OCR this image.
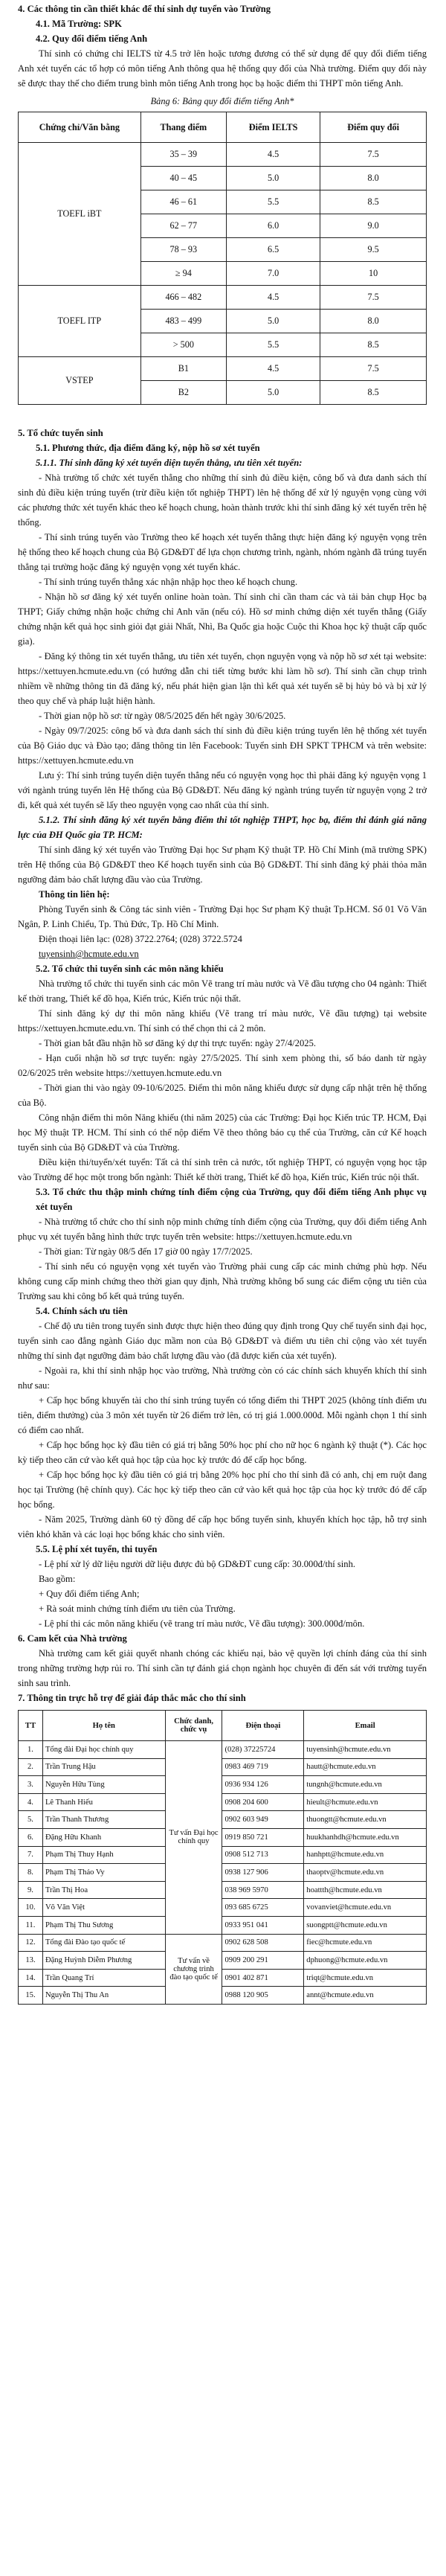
4. Các thông tin cần thiết khác để thí sinh dự tuyển vào Trường

4.1. Mã Trường: SPK

4.2. Quy đổi điểm tiếng Anh

Thí sinh có chứng chỉ IELTS từ 4.5 trở lên hoặc tương đương có thể sử dụng để quy đổi điểm tiếng Anh xét tuyển các tổ hợp có môn tiếng Anh thông qua hệ thống quy đổi của Nhà trường. Điểm quy đổi này sẽ được thay thế cho điểm trung bình môn tiếng Anh trong học bạ hoặc điểm thi THPT môn tiếng Anh.

Bảng 6: Bảng quy đổi điểm tiếng Anh*

Chứng chỉ/Văn bằng	Thang điểm	Điểm IELTS	Điểm quy đổi
TOEFL iBT	35 – 39	4.5	7.5
	40 – 45	5.0	8.0
	46 – 61	5.5	8.5
	62 – 77	6.0	9.0
	78 – 93	6.5	9.5
	≥ 94	7.0	10
TOEFL ITP	466 – 482	4.5	7.5
	483 – 499	5.0	8.0
	> 500	5.5	8.5
VSTEP	B1	4.5	7.5
	B2	5.0	8.5

5. Tổ chức tuyển sinh

5.1. Phương thức, địa điểm đăng ký, nộp hồ sơ xét tuyển

5.1.1. Thí sinh đăng ký xét tuyển diện tuyển thẳng, ưu tiên xét tuyển:

- Nhà trường tổ chức xét tuyển thẳng cho những thí sinh đủ điều kiện, công bố và đưa danh sách thí sinh đủ điều kiện trúng tuyển (trừ điều kiện tốt nghiệp THPT) lên hệ thống để xử lý nguyện vọng cùng với các phương thức xét tuyển khác theo kế hoạch chung, hoàn thành trước khi thí sinh đăng ký xét tuyển trên hệ thống.

- Thí sinh trúng tuyển vào Trường theo kế hoạch xét tuyển thẳng thực hiện đăng ký nguyện vọng trên hệ thống theo kế hoạch chung của Bộ GD&ĐT để lựa chọn chương trình, ngành, nhóm ngành đã trúng tuyển thẳng tại trường hoặc đăng ký nguyện vọng xét tuyển khác.

- Thí sinh trúng tuyển thẳng xác nhận nhập học theo kế hoạch chung.

- Nhận hồ sơ đăng ký xét tuyển online hoàn toàn. Thí sinh chỉ cần tham các và tải bản chụp Học bạ THPT; Giấy chứng nhận hoặc chứng chỉ Anh văn (nếu có). Hồ sơ minh chứng diện xét tuyển thẳng (Giấy chứng nhận kết quả học sinh giỏi đạt giải Nhất, Nhì, Ba Quốc gia hoặc Cuộc thi Khoa học kỹ thuật cấp quốc gia).

- Đăng ký thông tin xét tuyển thẳng, ưu tiên xét tuyển, chọn nguyện vọng và nộp hồ sơ xét tại website: https://xettuyen.hcmute.edu.vn (có hướng dẫn chi tiết từng bước khi làm hồ sơ). Thí sinh cần chụp trình nhiềm về những thông tin đã đăng ký, nếu phát hiện gian lận thì kết quả xét tuyển sẽ bị hủy bỏ và bị xử lý theo quy chế và pháp luật hiện hành.

- Thời gian nộp hồ sơ: từ ngày 08/5/2025 đến hết ngày 30/6/2025.

- Ngày 09/7/2025: công bố và đưa danh sách thí sinh đủ điều kiện trúng tuyển lên hệ thống xét tuyển của Bộ Giáo dục và Đào tạo; đăng thông tin lên Facebook: Tuyển sinh ĐH SPKT TPHCM và trên website: https://xettuyen.hcmute.edu.vn

Lưu ý: Thí sinh trúng tuyển diện tuyển thẳng nếu có nguyện vọng học thì phải đăng ký nguyện vọng 1 với ngành trúng tuyển lên Hệ thống của Bộ GD&ĐT. Nếu đăng ký ngành trúng tuyển từ nguyện vọng 2 trở đi, kết quả xét tuyển sẽ lấy theo nguyện vọng cao nhất của thí sinh.

5.1.2. Thí sinh đăng ký xét tuyển bằng điểm thi tốt nghiệp THPT, học bạ, điểm thi đánh giá năng lực của ĐH Quốc gia TP. HCM:

Thí sinh đăng ký xét tuyển vào Trường Đại học Sư phạm Kỹ thuật TP. Hồ Chí Minh (mã trường SPK) trên Hệ thống của Bộ GD&ĐT theo Kế hoạch tuyển sinh của Bộ GD&ĐT. Thí sinh đăng ký phải thỏa mãn ngưỡng đảm bảo chất lượng đầu vào của Trường.

Thông tin liên hệ:

Phòng Tuyển sinh & Công tác sinh viên - Trường Đại học Sư phạm Kỹ thuật Tp.HCM. Số 01 Võ Văn Ngân, P. Linh Chiểu, Tp. Thủ Đức, Tp. Hồ Chí Minh.

Điện thoại liên lạc: (028) 3722.2764; (028) 3722.5724

tuyensinh@hcmute.edu.vn

5.2. Tổ chức thi tuyển sinh các môn năng khiếu

Nhà trường tổ chức thi tuyển sinh các môn Vẽ trang trí màu nước và Vẽ đầu tượng cho 04 ngành: Thiết kế thời trang, Thiết kế đồ họa, Kiến trúc, Kiến trúc nội thất.

Thí sinh đăng ký dự thi môn năng khiếu (Vẽ trang trí màu nước, Vẽ đầu tượng) tại website https://xettuyen.hcmute.edu.vn. Thí sinh có thể chọn thi cả 2 môn.

- Thời gian bắt đầu nhận hồ sơ đăng ký dự thi trực tuyến: ngày 27/4/2025.

- Hạn cuối nhận hồ sơ trực tuyến: ngày 27/5/2025. Thí sinh xem phòng thi, số báo danh từ ngày 02/6/2025 trên website https://xettuyen.hcmute.edu.vn

- Thời gian thi vào ngày 09-10/6/2025. Điểm thi môn năng khiếu được sử dụng cấp nhật trên hệ thống của Bộ.

Công nhận điểm thi môn Năng khiếu (thi năm 2025) của các Trường: Đại học Kiến trúc TP. HCM, Đại học Mỹ thuật TP. HCM. Thí sinh có thể nộp điểm Vẽ theo thông báo cụ thể của Trường, căn cứ Kế hoạch tuyển sinh của Bộ GD&ĐT và của Trường.

Điều kiện thi/tuyển/xét tuyển: Tất cả thí sinh trên cả nước, tốt nghiệp THPT, có nguyện vọng học tập vào Trường để học một trong bốn ngành: Thiết kế thời trang, Thiết kế đồ họa, Kiến trúc, Kiến trúc nội thất.

5.3. Tổ chức thu thập minh chứng tính điểm cộng của Trường, quy đổi điểm tiếng Anh phục vụ xét tuyển

- Nhà trường tổ chức cho thí sinh nộp minh chứng tính điểm cộng của Trường, quy đổi điểm tiếng Anh phục vụ xét tuyển bằng hình thức trực tuyến trên website: https://xettuyen.hcmute.edu.vn

- Thời gian: Từ ngày 08/5 đến 17 giờ 00 ngày 17/7/2025.

- Thí sinh nếu có nguyện vọng xét tuyển vào Trường phải cung cấp các minh chứng phù hợp. Nếu không cung cấp minh chứng theo thời gian quy định, Nhà trường không bổ sung các điểm cộng ưu tiên của Trường sau khi công bố kết quả trúng tuyển.

5.4. Chính sách ưu tiên

- Chế độ ưu tiên trong tuyển sinh được thực hiện theo đúng quy định trong Quy chế tuyển sinh đại học, tuyển sinh cao đẳng ngành Giáo dục mầm non của Bộ GD&ĐT và điểm ưu tiên chỉ cộng vào xét tuyển những thí sinh đạt ngưỡng đảm bảo chất lượng đầu vào (đã được kiến của xét tuyển).

- Ngoài ra, khi thí sinh nhập học vào trường, Nhà trường còn có các chính sách khuyến khích thí sinh như sau:

+ Cấp học bổng khuyến tài cho thí sinh trúng tuyển có tổng điểm thi THPT 2025 (không tính điểm ưu tiên, điểm thưởng) của 3 môn xét tuyển từ 26 điểm trở lên, có trị giá 1.000.000đ. Mỗi ngành chọn 1 thí sinh có điểm cao nhất.

+ Cấp học bổng học kỳ đầu tiên có giá trị bằng 50% học phí cho nữ học 6 ngành kỹ thuật (*). Các học kỳ tiếp theo căn cứ vào kết quả học tập của học kỳ trước đó để cấp học bổng.

+ Cấp học bổng học kỳ đầu tiên có giá trị bằng 20% học phí cho thí sinh đã có anh, chị em ruột đang học tại Trường (hệ chính quy). Các học kỳ tiếp theo căn cứ vào kết quả học tập của học kỳ trước đó để cấp học bổng.

- Năm 2025, Trường dành 60 tỷ đồng để cấp học bổng tuyển sinh, khuyến khích học tập, hỗ trợ sinh viên khó khăn và các loại học bổng khác cho sinh viên.

5.5. Lệ phí xét tuyển, thi tuyển

- Lệ phí xử lý dữ liệu người dữ liệu được đủ bộ GD&ĐT cung cấp: 30.000đ/thí sinh.

Bao gồm:

+ Quy đổi điểm tiếng Anh;

+ Rà soát minh chứng tính điểm ưu tiên của Trường.

- Lệ phí thi các môn năng khiếu (vẽ trang trí màu nước, Vẽ đầu tượng): 300.000đ/môn.

6. Cam kết của Nhà trường

Nhà trường cam kết giải quyết nhanh chóng các khiếu nại, bảo vệ quyền lợi chính đáng của thí sinh trong những trường hợp rủi ro. Thí sinh cần tự đánh giá chọn ngành học chuyên đi đến sát với trường tuyển sinh sau trình.

7. Thông tin trực hỗ trợ để giải đáp thắc mắc cho thí sinh

TT	Họ tên	Chức danh, chức vụ	Điện thoại	Email
1.	Tổng đài Đại học chính quy	Tư vấn Đại học chính quy	(028) 37225724	tuyensinh@hcmute.edu.vn
2.	Trần Trung Hậu		0983 469 719	hautt@hcmute.edu.vn
3.	Nguyễn Hữu Tùng		0936 934 126	tungnh@hcmute.edu.vn
4.	Lê Thanh Hiếu		0908 204 600	hieult@hcmute.edu.vn
5.	Trần Thanh Thương		0902 603 949	thuongtt@hcmute.edu.vn
6.	Đặng Hữu Khanh		0919 850 721	huukhanhdh@hcmute.edu.vn
7.	Phạm Thị Thuy Hạnh		0908 512 713	hanhptt@hcmute.edu.vn
8.	Phạm Thị Thảo Vy		0938 127 906	thaoptv@hcmute.edu.vn
9.	Trần Thị Hoa		038 969 5970	hoattth@hcmute.edu.vn
10.	Võ Văn Việt		093 685 6725	vovanviet@hcmute.edu.vn
11.	Phạm Thị Thu Sương		0933 951 041	suongptt@hcmute.edu.vn
12.	Tổng đài Đào tạo quốc tế	Tư vấn về chương trình đào tạo quốc tế	0902 628 508	fiec@hcmute.edu.vn
13.	Đặng Huỳnh Diễm Phương		0909 200 291	dphuong@hcmute.edu.vn
14.	Trần Quang Trí		0901 402 871	triqt@hcmute.edu.vn
15.	Nguyễn Thị Thu An		0988 120 905	annt@hcmute.edu.vn
